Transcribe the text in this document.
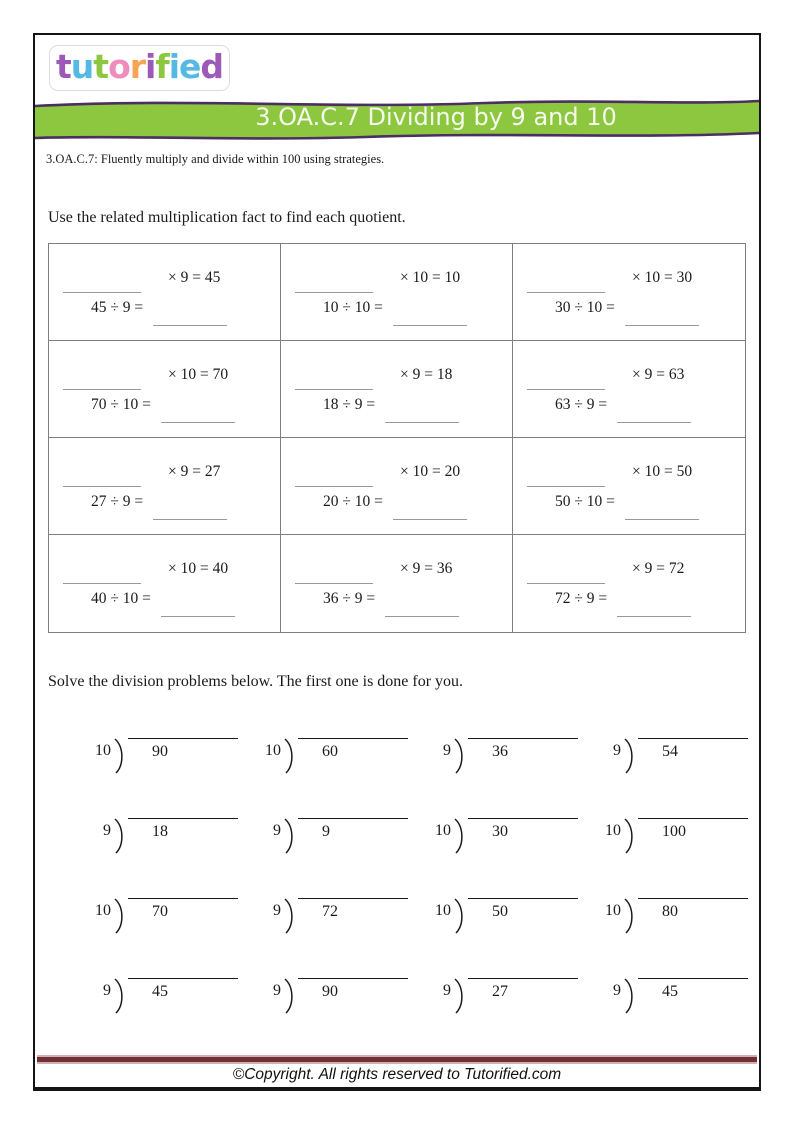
tutorified
3.OA.C.7 Dividing by 9 and 10
3.OA.C.7: Fluently multiply and divide within 100 using strategies.
Use the related multiplication fact to find each quotient.
× 9 = 45
45 ÷ 9 =
× 10 = 10
10 ÷ 10 =
× 10 = 30
30 ÷ 10 =
× 10 = 70
70 ÷ 10 =
× 9 = 18
18 ÷ 9 =
× 9 = 63
63 ÷ 9 =
× 9 = 27
27 ÷ 9 =
× 10 = 20
20 ÷ 10 =
× 10 = 50
50 ÷ 10 =
× 10 = 40
40 ÷ 10 =
× 9 = 36
36 ÷ 9 =
× 9 = 72
72 ÷ 9 =
Solve the division problems below. The first one is done for you.
10	90	10	60	9	36	9	54
9	18	9	9	10	30	10	100
10	70	9	72	10	50	10	80
9	45	9	90	9	27	9	45
©Copyright. All rights reserved to Tutorified.com
